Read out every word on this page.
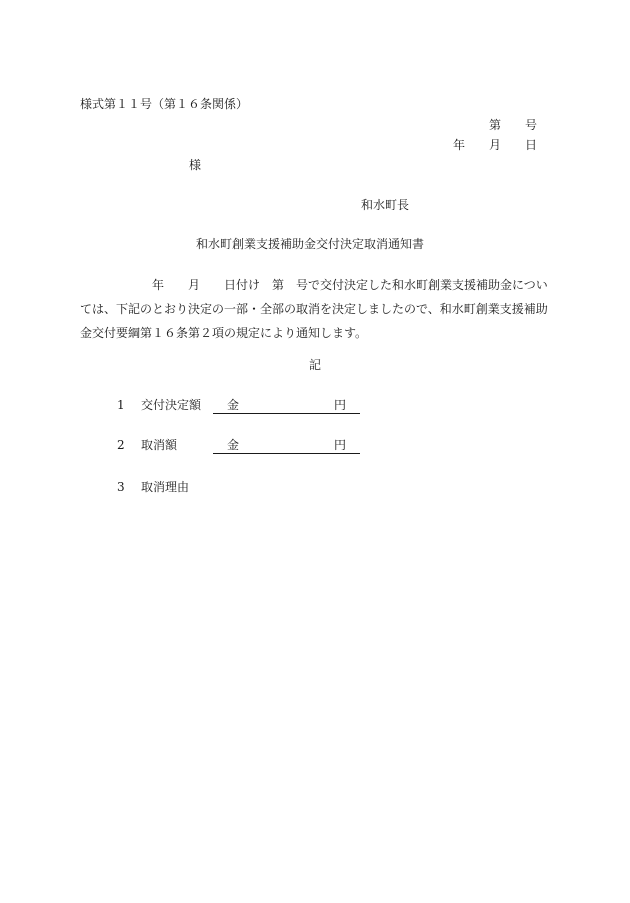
様式第１１号（第１６条関係）
第　　号
年　　月　　日
様
和水町長
和水町創業支援補助金交付決定取消通知書
　　　　　　年　　月　　日付け　第　号で交付決定した和水町創業支援補助金については、下記のとおり決定の一部・全部の取消を決定しましたので、和水町創業支援補助金交付要綱第１６条第２項の規定により通知します。
記
1 交付決定額	金	円
2 取消額	金	円
3 取消理由
